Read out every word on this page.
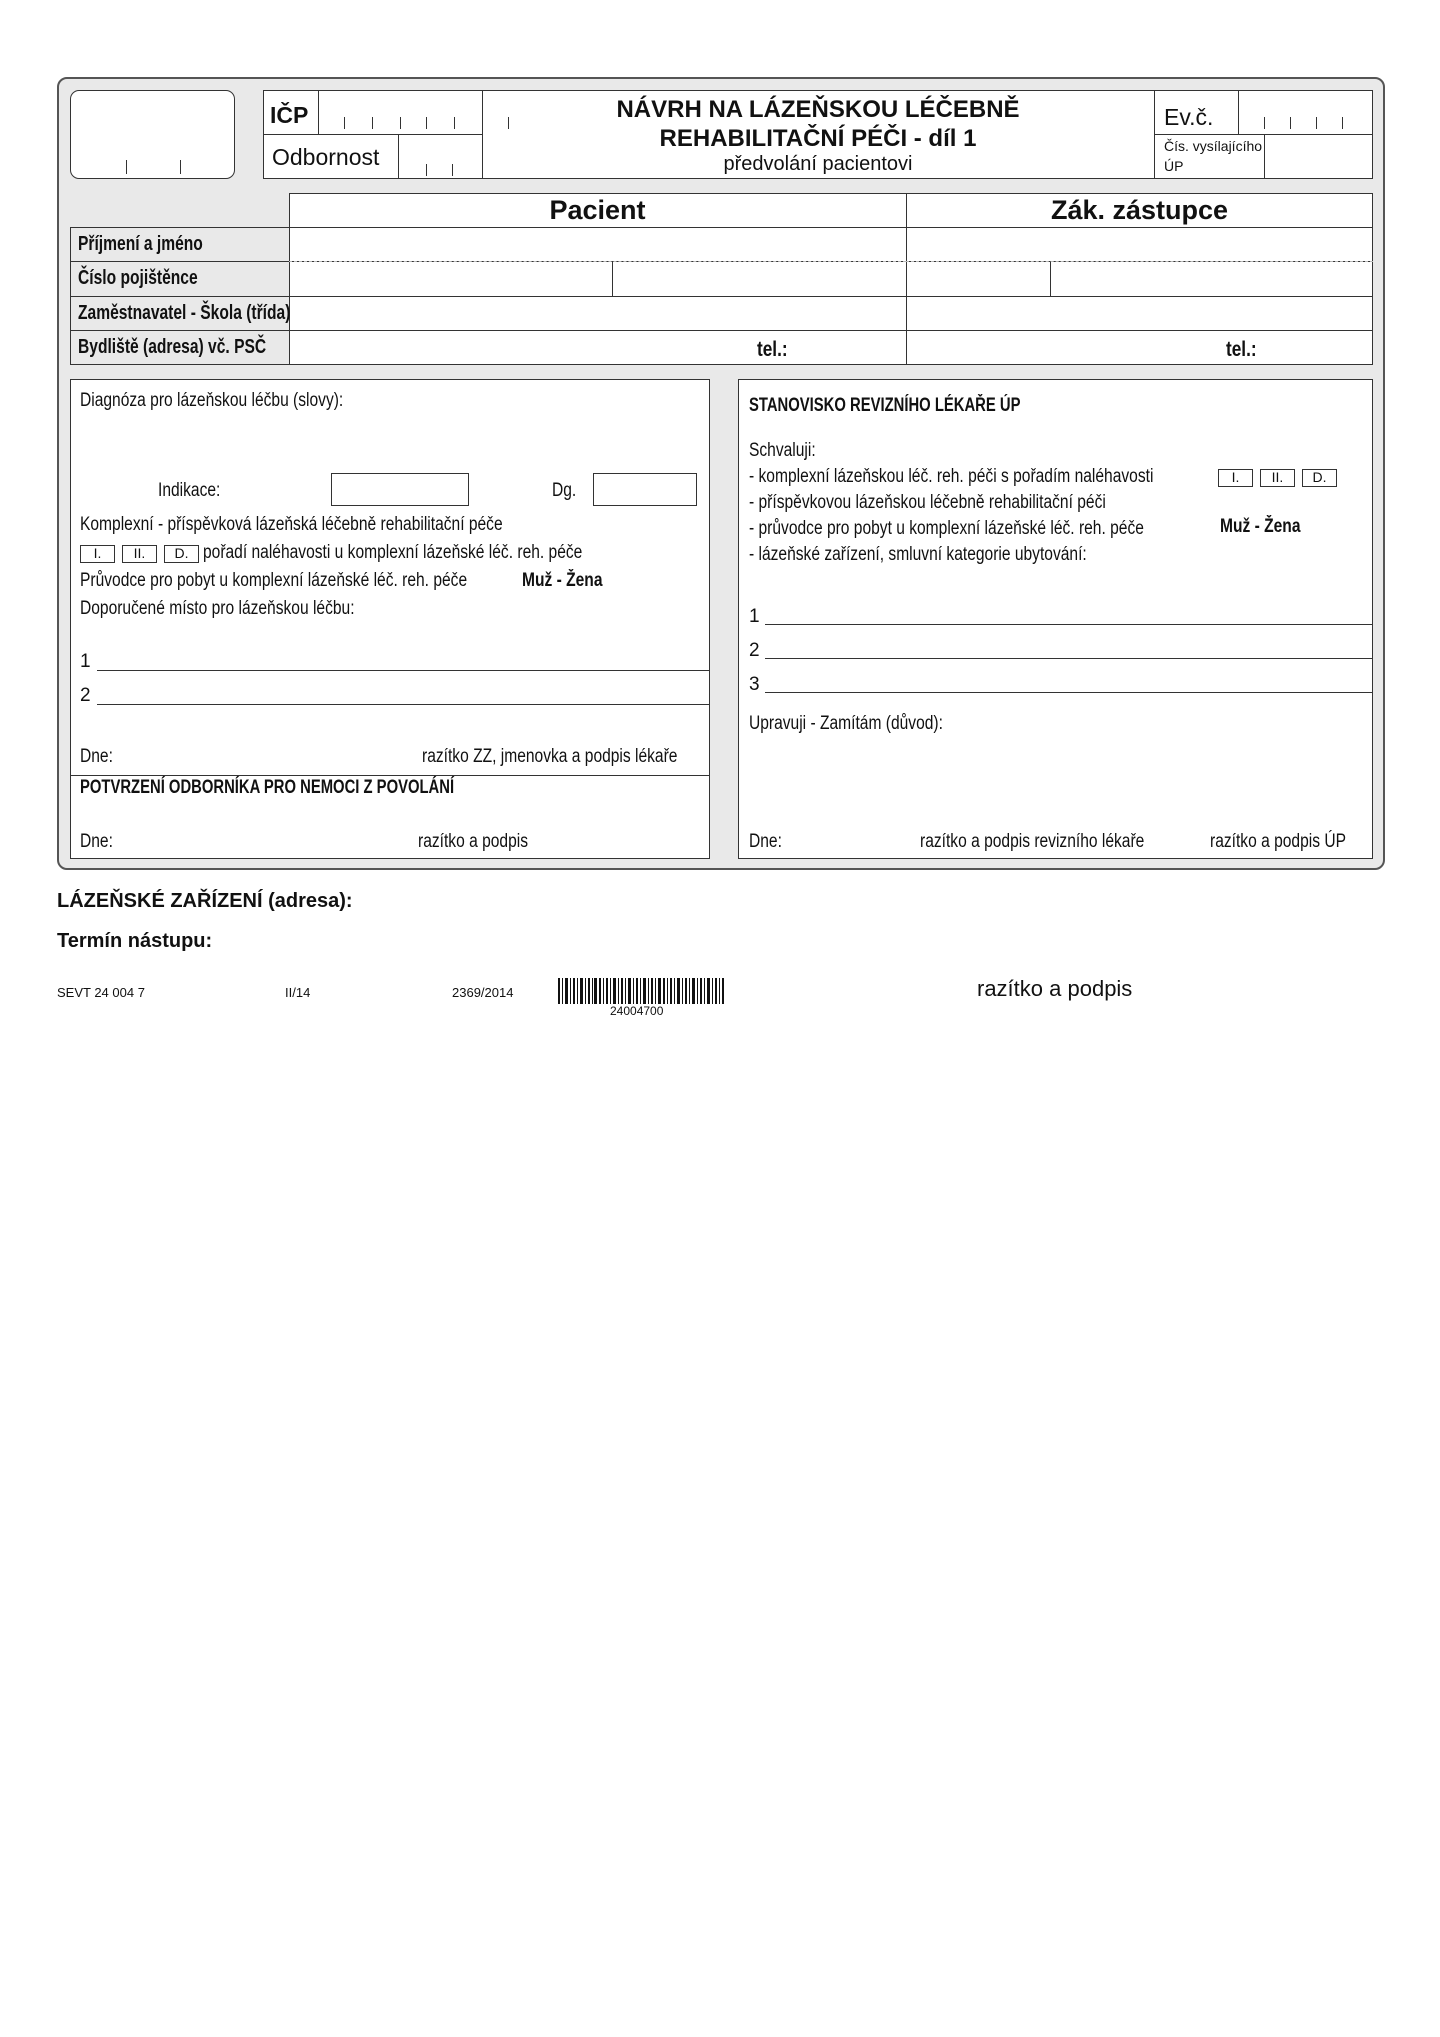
IČP
Odbornost
NÁVRH NA LÁZEŇSKOU LÉČEBNĚ
REHABILITAČNÍ PÉČI - díl 1
předvolání pacientovi
Ev.č.
Čís. vysílajícího
ÚP
Pacient	Zák. zástupce
Příjmení a jméno
Číslo pojištěnce
Zaměstnavatel - Škola (třída)
Bydliště (adresa) vč. PSČ	tel.:	tel.:
Diagnóza pro lázeňskou léčbu (slovy):
Indikace:	Dg.
Komplexní - příspěvková lázeňská léčebně rehabilitační péče
I.	II.	D. pořadí naléhavosti u komplexní lázeňské léč. reh. péče
Průvodce pro pobyt u komplexní lázeňské léč. reh. péče	Muž - Žena
Doporučené místo pro lázeňskou léčbu:
1
2
Dne:	razítko ZZ, jmenovka a podpis lékaře
POTVRZENÍ ODBORNÍKA PRO NEMOCI Z POVOLÁNÍ
Dne:	razítko a podpis
STANOVISKO REVIZNÍHO LÉKAŘE ÚP
Schvaluji:
- komplexní lázeňskou léč. reh. péči s pořadím naléhavosti
- příspěvkovou lázeňskou léčebně rehabilitační péči
- průvodce pro pobyt u komplexní lázeňské léč. reh. péče
- lázeňské zařízení, smluvní kategorie ubytování:
I.	II.	D.
Muž - Žena
1
2
3
Upravuji - Zamítám (důvod):
Dne:	razítko a podpis revizního lékaře	razítko a podpis ÚP
LÁZEŇSKÉ ZAŘÍZENÍ (adresa):
Termín nástupu:
SEVT 24 004 7	II/14	2369/2014
24004700
razítko a podpis
